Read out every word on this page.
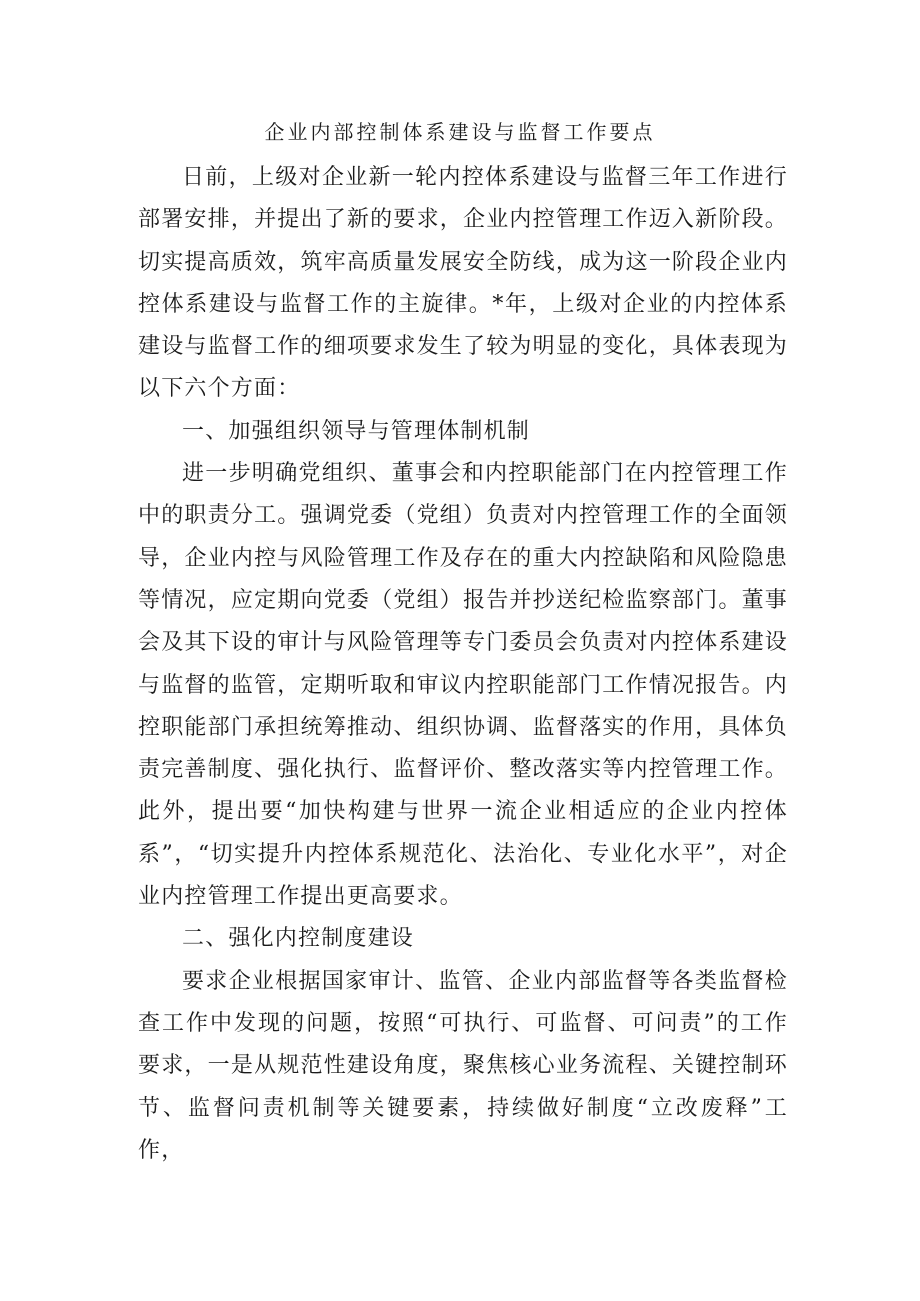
企业内部控制体系建设与监督工作要点

日前，上级对企业新一轮内控体系建设与监督三年工作进行部署安排，并提出了新的要求，企业内控管理工作迈入新阶段。切实提高质效，筑牢高质量发展安全防线，成为这一阶段企业内控体系建设与监督工作的主旋律。*年，上级对企业的内控体系建设与监督工作的细项要求发生了较为明显的变化，具体表现为以下六个方面：

一、加强组织领导与管理体制机制

进一步明确党组织、董事会和内控职能部门在内控管理工作中的职责分工。强调党委（党组）负责对内控管理工作的全面领导，企业内控与风险管理工作及存在的重大内控缺陷和风险隐患等情况，应定期向党委（党组）报告并抄送纪检监察部门。董事会及其下设的审计与风险管理等专门委员会负责对内控体系建设与监督的监管，定期听取和审议内控职能部门工作情况报告。内控职能部门承担统筹推动、组织协调、监督落实的作用，具体负责完善制度、强化执行、监督评价、整改落实等内控管理工作。此外，提出要“加快构建与世界一流企业相适应的企业内控体系”，“切实提升内控体系规范化、法治化、专业化水平”，对企业内控管理工作提出更高要求。

二、强化内控制度建设

要求企业根据国家审计、监管、企业内部监督等各类监督检查工作中发现的问题，按照“可执行、可监督、可问责”的工作要求，一是从规范性建设角度，聚焦核心业务流程、关键控制环节、监督问责机制等关键要素，持续做好制度“立改废释”工作，
